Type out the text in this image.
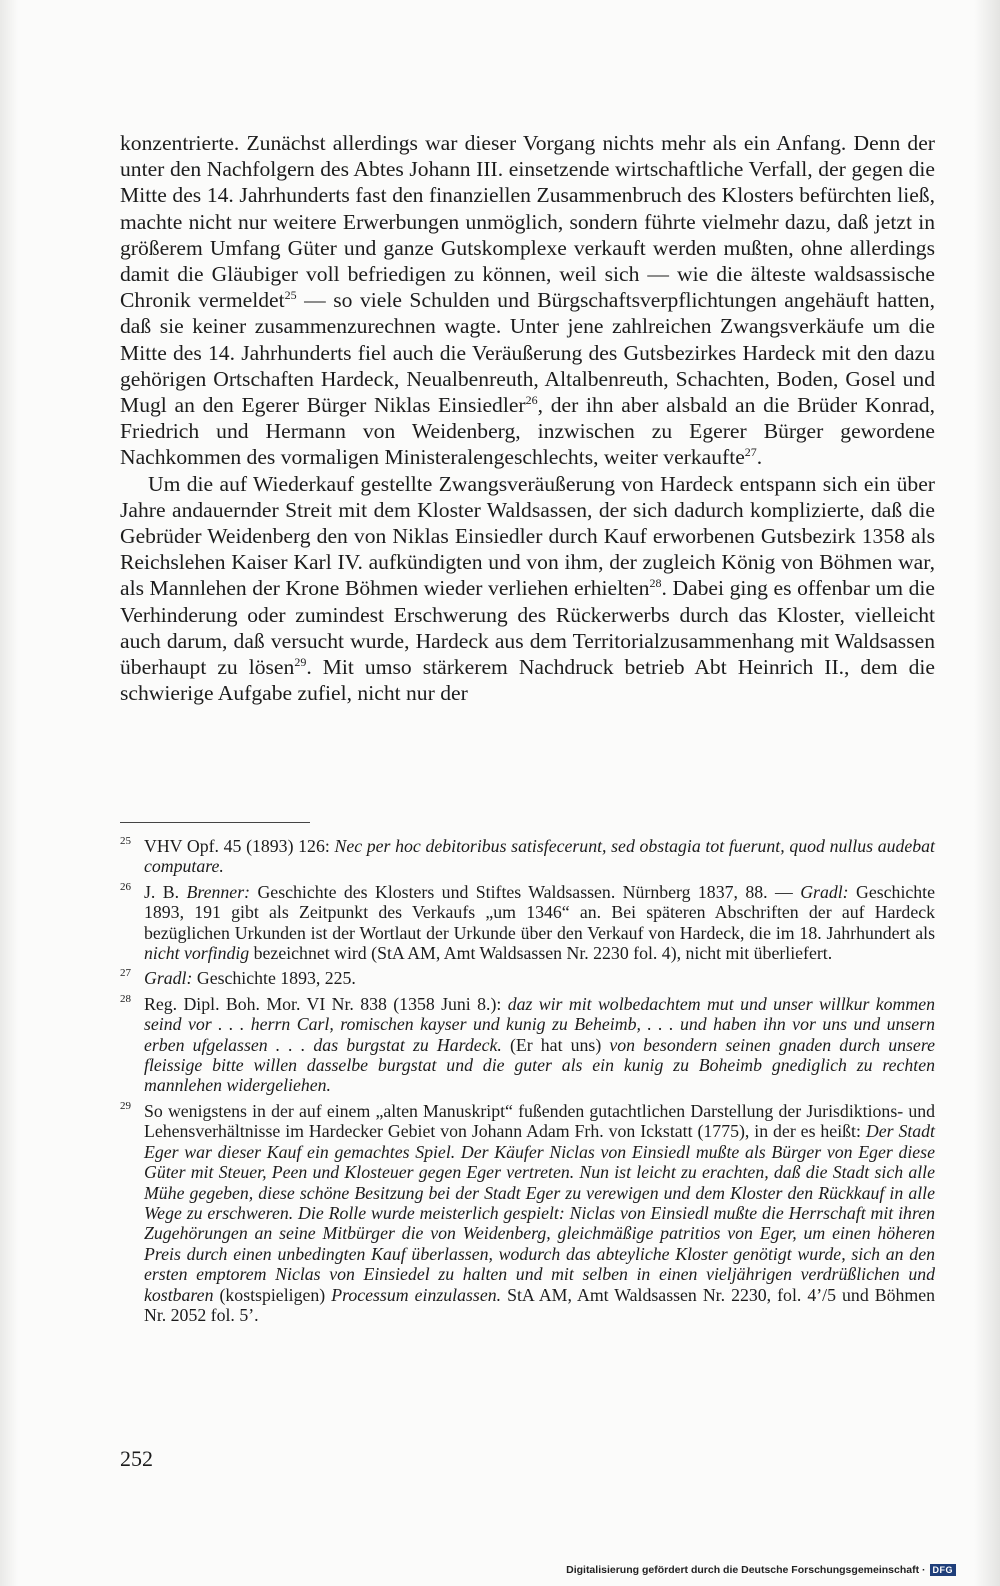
konzentrierte. Zunächst allerdings war dieser Vorgang nichts mehr als ein Anfang. Denn der unter den Nachfolgern des Abtes Johann III. einsetzende wirtschaftliche Verfall, der gegen die Mitte des 14. Jahrhunderts fast den finanziellen Zusammenbruch des Klosters befürchten ließ, machte nicht nur weitere Erwerbungen unmöglich, sondern führte vielmehr dazu, daß jetzt in größerem Umfang Güter und ganze Gutskomplexe verkauft werden mußten, ohne allerdings damit die Gläubiger voll befriedigen zu können, weil sich — wie die älteste waldsassische Chronik vermeldet$^{25}$ — so viele Schulden und Bürgschaftsverpflichtungen angehäuft hatten, daß sie keiner zusammenzurechnen wagte. Unter jene zahlreichen Zwangsverkäufe um die Mitte des 14. Jahrhunderts fiel auch die Veräußerung des Gutsbezirkes Hardeck mit den dazu gehörigen Ortschaften Hardeck, Neualbenreuth, Altalbenreuth, Schachten, Boden, Gosel und Mugl an den Egerer Bürger Niklas Einsiedler$^{26}$, der ihn aber alsbald an die Brüder Konrad, Friedrich und Hermann von Weidenberg, inzwischen zu Egerer Bürger gewordene Nachkommen des vormaligen Ministeralengeschlechts, weiter verkaufte$^{27}$.

Um die auf Wiederkauf gestellte Zwangsveräußerung von Hardeck entspann sich ein über Jahre andauernder Streit mit dem Kloster Waldsassen, der sich dadurch komplizierte, daß die Gebrüder Weidenberg den von Niklas Einsiedler durch Kauf erworbenen Gutsbezirk 1358 als Reichslehen Kaiser Karl IV. aufkündigten und von ihm, der zugleich König von Böhmen war, als Mannlehen der Krone Böhmen wieder verliehen erhielten$^{28}$. Dabei ging es offenbar um die Verhinderung oder zumindest Erschwerung des Rückerwerbs durch das Kloster, vielleicht auch darum, daß versucht wurde, Hardeck aus dem Territorialzusammenhang mit Waldsassen überhaupt zu lösen$^{29}$. Mit umso stärkerem Nachdruck betrieb Abt Heinrich II., dem die schwierige Aufgabe zufiel, nicht nur der

25 VHV Opf. 45 (1893) 126: Nec per hoc debitoribus satisfecerunt, sed obstagia tot fuerunt, quod nullus audebat computare.
26 J. B. Brenner: Geschichte des Klosters und Stiftes Waldsassen. Nürnberg 1837, 88. — Gradl: Geschichte 1893, 191 gibt als Zeitpunkt des Verkaufs „um 1346“ an. Bei späteren Abschriften der auf Hardeck bezüglichen Urkunden ist der Wortlaut der Urkunde über den Verkauf von Hardeck, die im 18. Jahrhundert als nicht vorfindig bezeichnet wird (StA AM, Amt Waldsassen Nr. 2230 fol. 4), nicht mit überliefert.
27 Gradl: Geschichte 1893, 225.
28 Reg. Dipl. Boh. Mor. VI Nr. 838 (1358 Juni 8.): daz wir mit wolbedachtem mut und unser willkur kommen seind vor . . . herrn Carl, romischen kayser und kunig zu Beheimb, . . . und haben ihn vor uns und unsern erben ufgelassen . . . das burgstat zu Hardeck. (Er hat uns) von besondern seinen gnaden durch unsere fleissige bitte willen dasselbe burgstat und die guter als ein kunig zu Boheimb gnediglich zu rechten mannlehen widergeliehen.
29 So wenigstens in der auf einem „alten Manuskript“ fußenden gutachtlichen Darstellung der Jurisdiktions- und Lehensverhältnisse im Hardecker Gebiet von Johann Adam Frh. von Ickstatt (1775), in der es heißt: Der Stadt Eger war dieser Kauf ein gemachtes Spiel. Der Käufer Niclas von Einsiedl mußte als Bürger von Eger diese Güter mit Steuer, Peen und Klosteuer gegen Eger vertreten. Nun ist leicht zu erachten, daß die Stadt sich alle Mühe gegeben, diese schöne Besitzung bei der Stadt Eger zu verewigen und dem Kloster den Rückkauf in alle Wege zu erschweren. Die Rolle wurde meisterlich gespielt: Niclas von Einsiedl mußte die Herrschaft mit ihren Zugehörungen an seine Mitbürger die von Weidenberg, gleichmäßige patritios von Eger, um einen höheren Preis durch einen unbedingten Kauf überlassen, wodurch das abteyliche Kloster genötigt wurde, sich an den ersten emptorem Niclas von Einsiedel zu halten und mit selben in einen vieljährigen verdrüßlichen und kostbaren (kostspieligen) Processum einzulassen. StA AM, Amt Waldsassen Nr. 2230, fol. 4’/5 und Böhmen Nr. 2052 fol. 5’.
252
Digitalisierung gefördert durch die Deutsche Forschungsgemeinschaft · DFG
